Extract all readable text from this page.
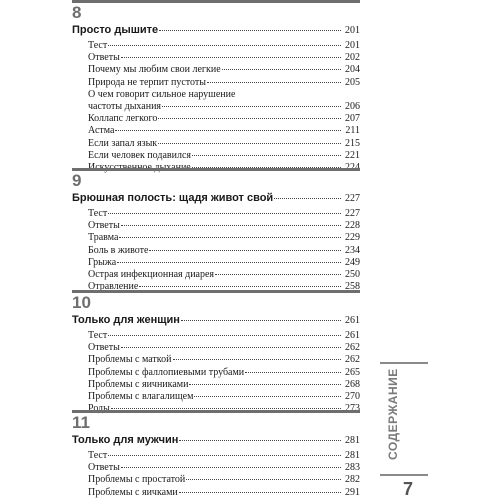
8
Просто дышите	201
Тест	201
Ответы	202
Почему мы любим свои легкие	204
Природа не терпит пустоты	205
О чем говорит сильное нарушение
частоты дыхания	206
Коллапс легкого	207
Астма	211
Если запал язык	215
Если человек подавился	221
Искусственное дыхание	224
9
Брюшная полость: щадя живот свой	227
Тест	227
Ответы	228
Травма	229
Боль в животе	234
Грыжа	249
Острая инфекционная диарея	250
Отравление	258
10
Только для женщин	261
Тест	261
Ответы	262
Проблемы с маткой	262
Проблемы с фаллопиевыми трубами	265
Проблемы с яичниками	268
Проблемы с влагалищем	270
Роды	273
11
Только для мужчин	281
Тест	281
Ответы	283
Проблемы с простатой	282
Проблемы с яичками	291
СОДЕРЖАНИЕ
7
